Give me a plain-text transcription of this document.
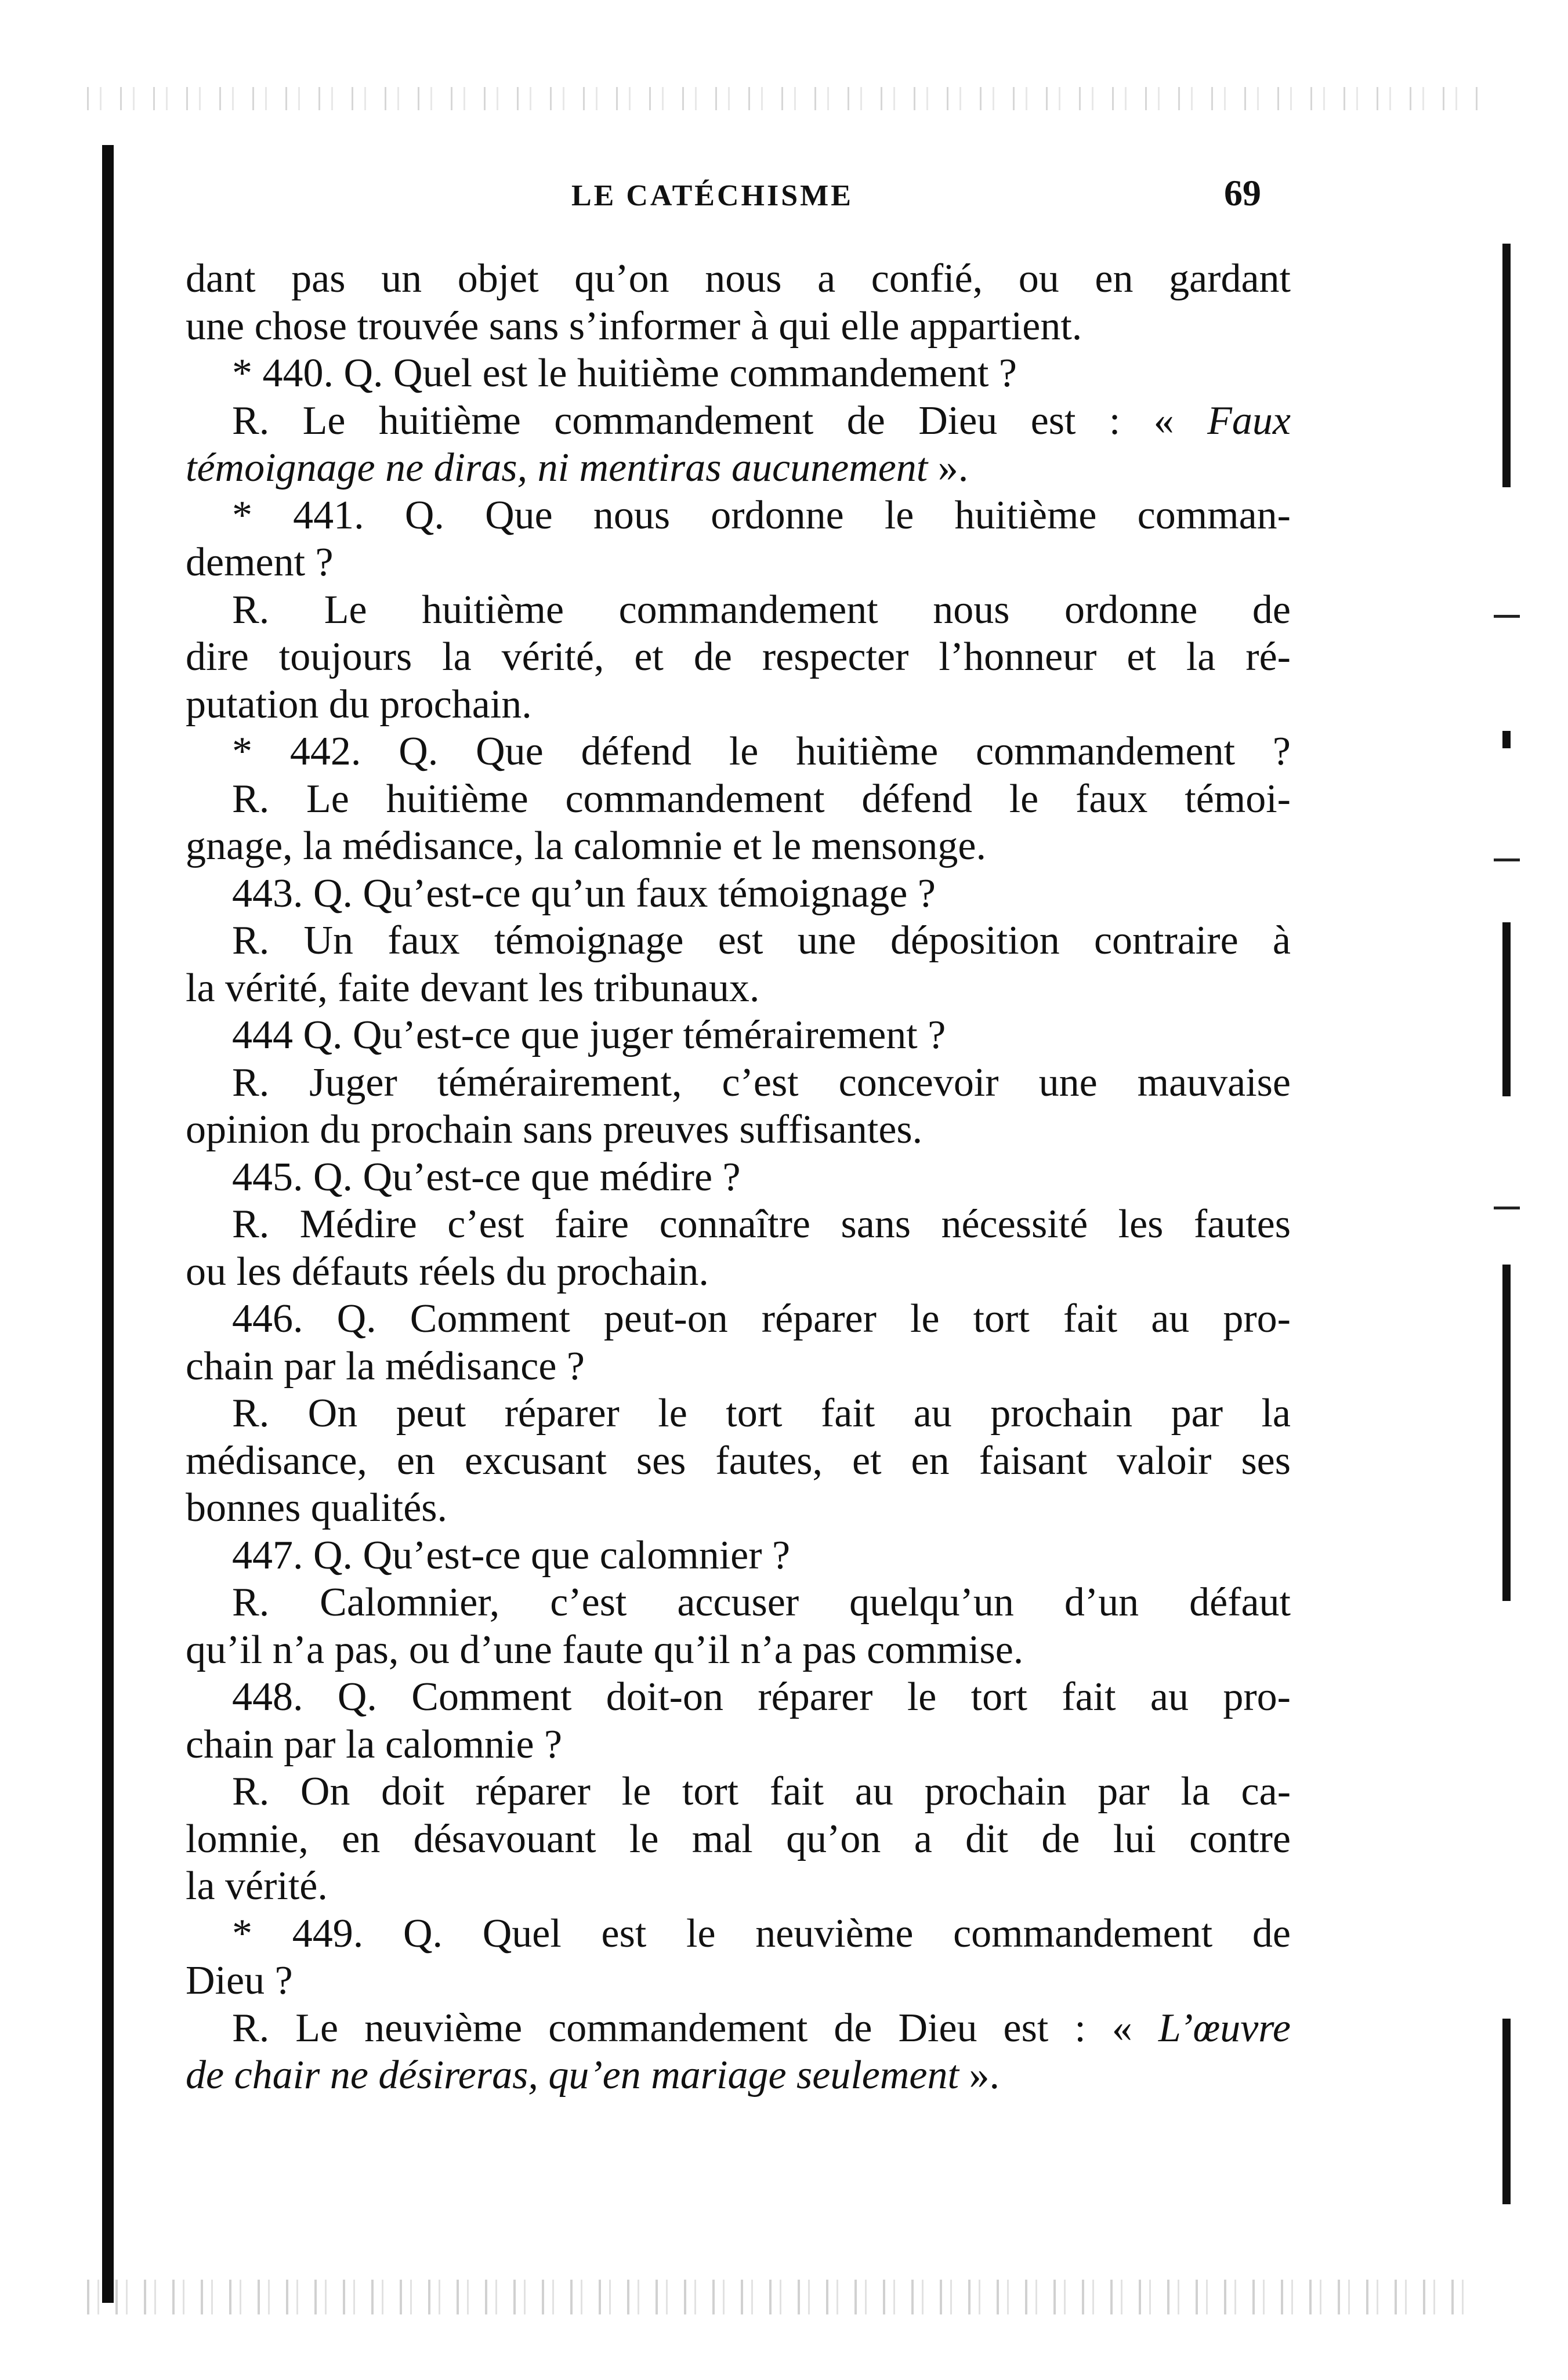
LE CATÉCHISME	69
dant pas un objet qu’on nous a confié, ou en gardant
une chose trouvée sans s’informer à qui elle appartient.
* 440. Q. Quel est le huitième commandement ?
R. Le huitième commandement de Dieu est : « Faux
témoignage ne diras, ni mentiras aucunement ».
* 441. Q. Que nous ordonne le huitième comman-
dement ?
R. Le huitième commandement nous ordonne de
dire toujours la vérité, et de respecter l’honneur et la ré-
putation du prochain.
* 442. Q. Que défend le huitième commandement ?
R. Le huitième commandement défend le faux témoi-
gnage, la médisance, la calomnie et le mensonge.
443. Q. Qu’est-ce qu’un faux témoignage ?
R. Un faux témoignage est une déposition contraire à
la vérité, faite devant les tribunaux.
444 Q. Qu’est-ce que juger témérairement ?
R. Juger témérairement, c’est concevoir une mauvaise
opinion du prochain sans preuves suffisantes.
445. Q. Qu’est-ce que médire ?
R. Médire c’est faire connaître sans nécessité les fautes
ou les défauts réels du prochain.
446. Q. Comment peut-on réparer le tort fait au pro-
chain par la médisance ?
R. On peut réparer le tort fait au prochain par la
médisance, en excusant ses fautes, et en faisant valoir ses
bonnes qualités.
447. Q. Qu’est-ce que calomnier ?
R. Calomnier, c’est accuser quelqu’un d’un défaut
qu’il n’a pas, ou d’une faute qu’il n’a pas commise.
448. Q. Comment doit-on réparer le tort fait au pro-
chain par la calomnie ?
R. On doit réparer le tort fait au prochain par la ca-
lomnie, en désavouant le mal qu’on a dit de lui contre
la vérité.
* 449. Q. Quel est le neuvième commandement de
Dieu ?
R. Le neuvième commandement de Dieu est : « L’œuvre
de chair ne désireras, qu’en mariage seulement ».
